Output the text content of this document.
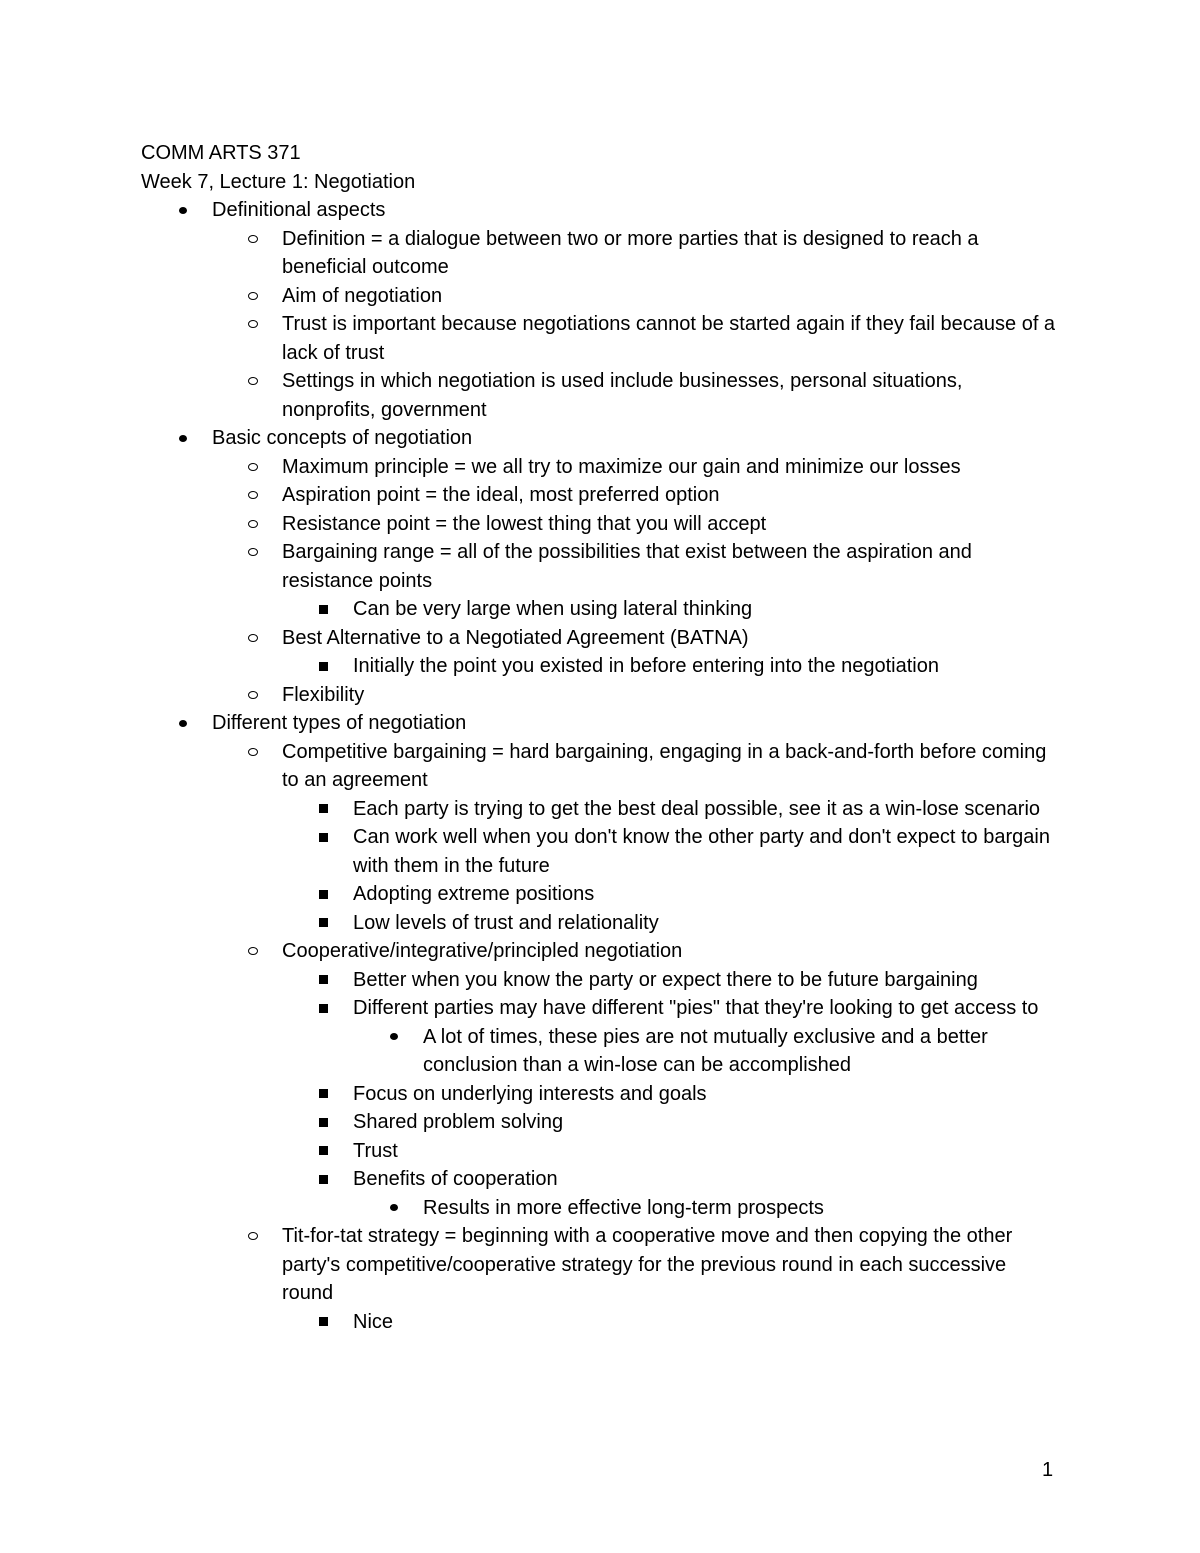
COMM ARTS 371
Week 7, Lecture 1: Negotiation
Definitional aspects
Definition = a dialogue between two or more parties that is designed to reach a beneficial outcome
Aim of negotiation
Trust is important because negotiations cannot be started again if they fail because of a lack of trust
Settings in which negotiation is used include businesses, personal situations, nonprofits, government
Basic concepts of negotiation
Maximum principle = we all try to maximize our gain and minimize our losses
Aspiration point = the ideal, most preferred option
Resistance point = the lowest thing that you will accept
Bargaining range = all of the possibilities that exist between the aspiration and resistance points
Can be very large when using lateral thinking
Best Alternative to a Negotiated Agreement (BATNA)
Initially the point you existed in before entering into the negotiation
Flexibility
Different types of negotiation
Competitive bargaining = hard bargaining, engaging in a back-and-forth before coming to an agreement
Each party is trying to get the best deal possible, see it as a win-lose scenario
Can work well when you don't know the other party and don't expect to bargain with them in the future
Adopting extreme positions
Low levels of trust and relationality
Cooperative/integrative/principled negotiation
Better when you know the party or expect there to be future bargaining
Different parties may have different "pies" that they're looking to get access to
A lot of times, these pies are not mutually exclusive and a better conclusion than a win-lose can be accomplished
Focus on underlying interests and goals
Shared problem solving
Trust
Benefits of cooperation
Results in more effective long-term prospects
Tit-for-tat strategy = beginning with a cooperative move and then copying the other party's competitive/cooperative strategy for the previous round in each successive round
Nice
1
